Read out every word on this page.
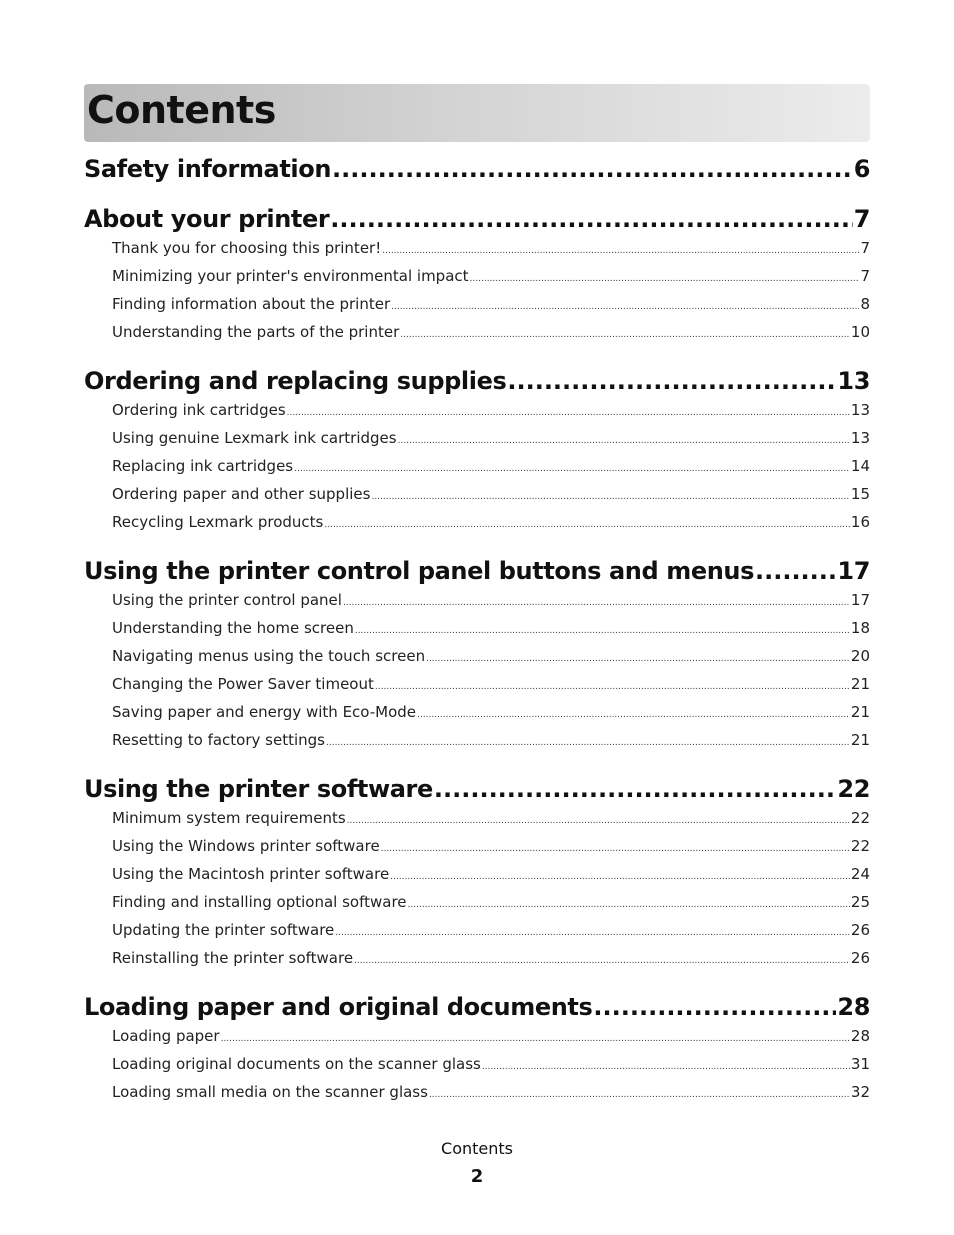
Contents
Safety information .....	6
About your printer .....	7
Thank you for choosing this printer! .....	7
Minimizing your printer's environmental impact .....	7
Finding information about the printer .....	8
Understanding the parts of the printer .....	10
Ordering and replacing supplies .....	13
Ordering ink cartridges .....	13
Using genuine Lexmark ink cartridges .....	13
Replacing ink cartridges .....	14
Ordering paper and other supplies .....	15
Recycling Lexmark products .....	16
Using the printer control panel buttons and menus .....	17
Using the printer control panel .....	17
Understanding the home screen .....	18
Navigating menus using the touch screen .....	20
Changing the Power Saver timeout .....	21
Saving paper and energy with Eco-Mode .....	21
Resetting to factory settings .....	21
Using the printer software .....	22
Minimum system requirements .....	22
Using the Windows printer software .....	22
Using the Macintosh printer software .....	24
Finding and installing optional software .....	25
Updating the printer software .....	26
Reinstalling the printer software .....	26
Loading paper and original documents .....	28
Loading paper .....	28
Loading original documents on the scanner glass .....	31
Loading small media on the scanner glass .....	32
Contents
2
